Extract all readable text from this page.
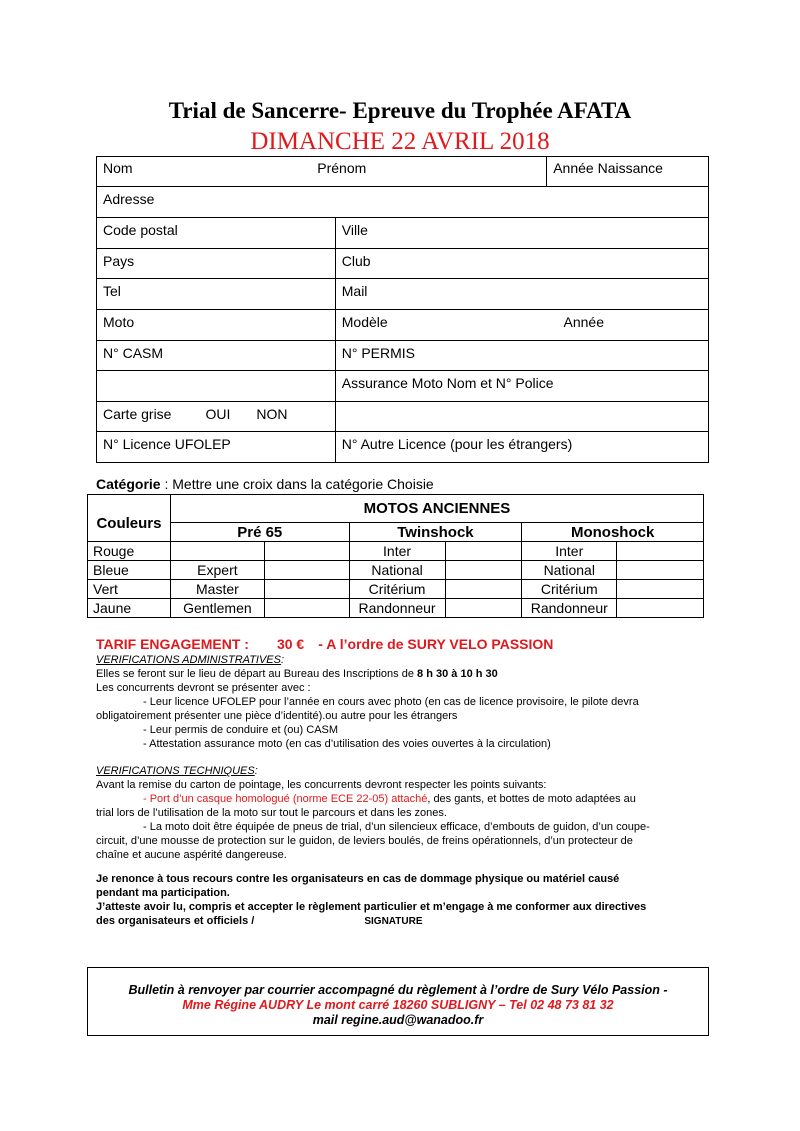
Trial de Sancerre- Epreuve du Trophée AFATA
DIMANCHE 22 AVRIL 2018
Nom	Prénom	Année Naissance
Adresse		
Code postal	Ville	
Pays	Club	
Tel	Mail	
Moto	Modèle Année	

N° CASM	N° PERMIS	
	Assurance Moto Nom et N° Police	
Carte grise OUI NON		
N° Licence UFOLEP	N° Autre Licence (pour les étrangers)	
Catégorie : Mettre une croix dans la catégorie Choisie
Couleurs	MOTOS ANCIENNES					
	Pré 65		Twinshock		Monoshock	
Rouge			Inter		Inter	
Bleue	Expert		National		National	
Vert	Master		Critérium		Critérium	
Jaune	Gentlemen		Randonneur		Randonneur	
TARIF ENGAGEMENT : 30 € - A l’ordre de SURY VELO PASSION
VERIFICATIONS ADMINISTRATIVES:
Elles se feront sur le lieu de départ au Bureau des Inscriptions de 8 h 30 à 10 h 30
Les concurrents devront se présenter avec :
- Leur licence UFOLEP pour l’année en cours avec photo (en cas de licence provisoire, le pilote devra
obligatoirement présenter une pièce d’identité).ou autre pour les étrangers
- Leur permis de conduire et (ou) CASM
- Attestation assurance moto (en cas d’utilisation des voies ouvertes à la circulation)
VERIFICATIONS TECHNIQUES:
Avant la remise du carton de pointage, les concurrents devront respecter les points suivants:
- Port d’un casque homologué (norme ECE 22-05) attaché, des gants, et bottes de moto adaptées au
trial lors de l’utilisation de la moto sur tout le parcours et dans les zones.
- La moto doit être équipée de pneus de trial, d’un silencieux efficace, d’embouts de guidon, d’un coupe-
circuit, d’une mousse de protection sur le guidon, de leviers boulés, de freins opérationnels, d’un protecteur de
chaîne et aucune aspérité dangereuse.
Je renonce à tous recours contre les organisateurs en cas de dommage physique ou matériel causé
pendant ma participation.
J’atteste avoir lu, compris et accepter le règlement particulier et m’engage à me conformer aux directives
des organisateurs et officiels /	SIGNATURE
Bulletin à renvoyer par courrier accompagné du règlement à l’ordre de Sury Vélo Passion -
Mme Régine AUDRY Le mont carré 18260 SUBLIGNY – Tel 02 48 73 81 32
mail regine.aud@wanadoo.fr
